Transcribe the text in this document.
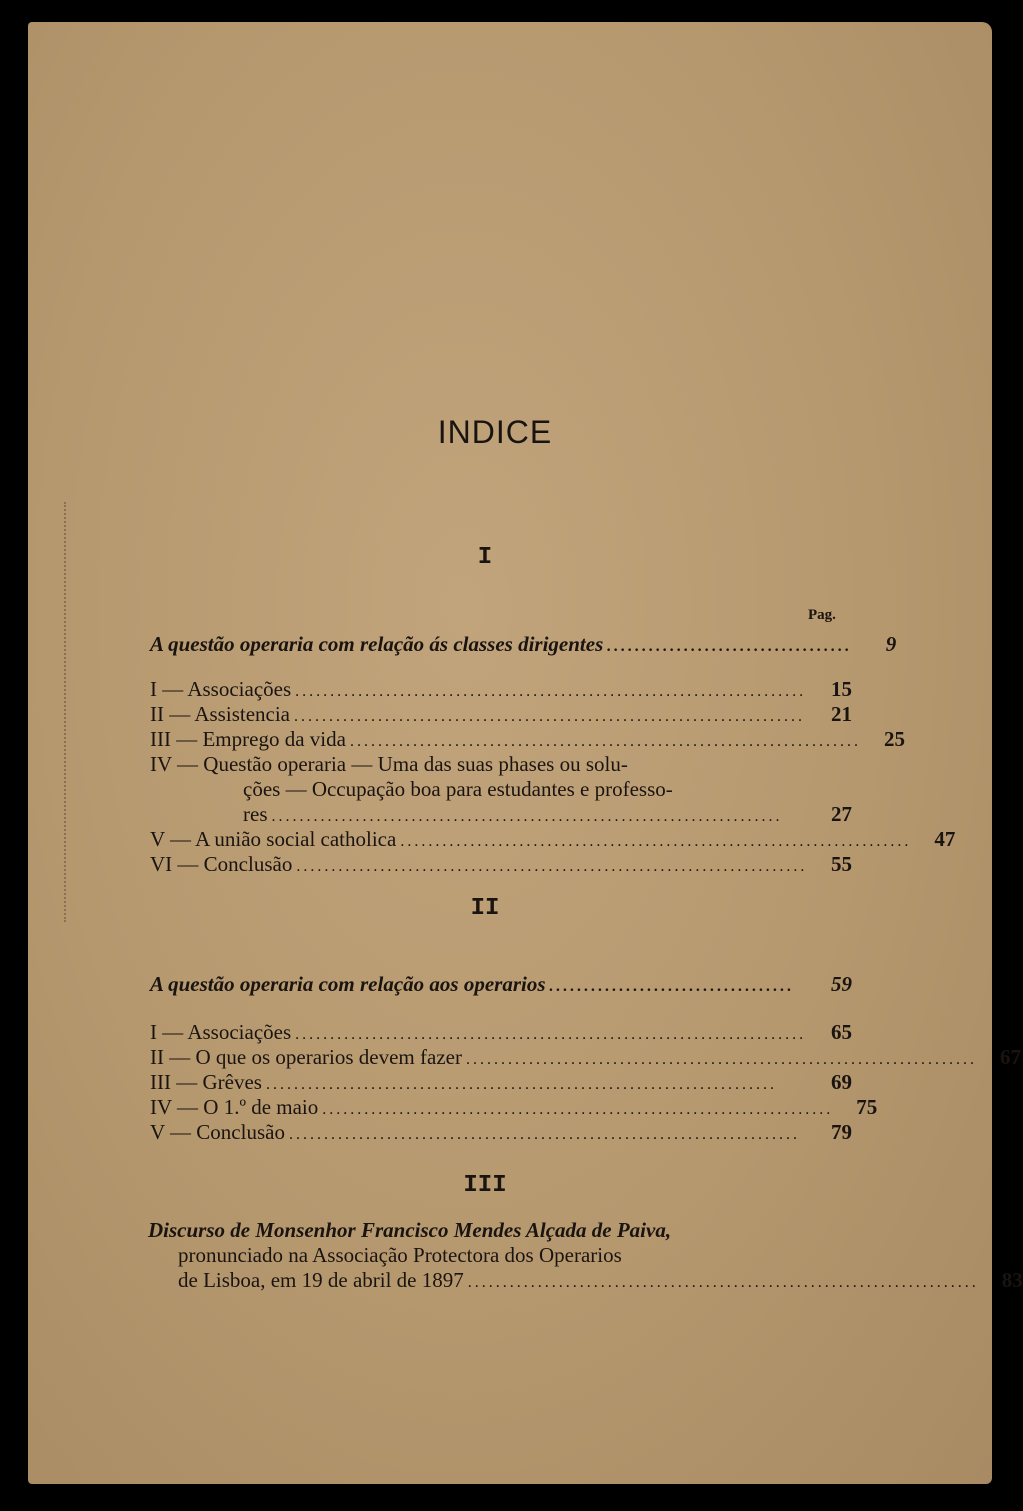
INDICE
I
Pag.
A questão operaria com relação ás classes dirigentes ...................................	9
I — Associações .........................................................................	15
II — Assistencia .........................................................................	21
III — Emprego da vida .........................................................................	25
IV — Questão operaria — Uma das suas phases ou solu-
ções — Occupação boa para estudantes e professo-
res .........................................................................	27
V — A união social catholica .........................................................................	47
VI — Conclusão .........................................................................	55
II
A questão operaria com relação aos operarios ...................................	59
I — Associações .........................................................................	65
II — O que os operarios devem fazer .........................................................................	67
III — Grêves .........................................................................	69
IV — O 1.º de maio .........................................................................	75
V — Conclusão .........................................................................	79
III
Discurso de Monsenhor Francisco Mendes Alçada de Paiva,
pronunciado na Associação Protectora dos Operarios
de Lisboa, em 19 de abril de 1897 .........................................................................	83
